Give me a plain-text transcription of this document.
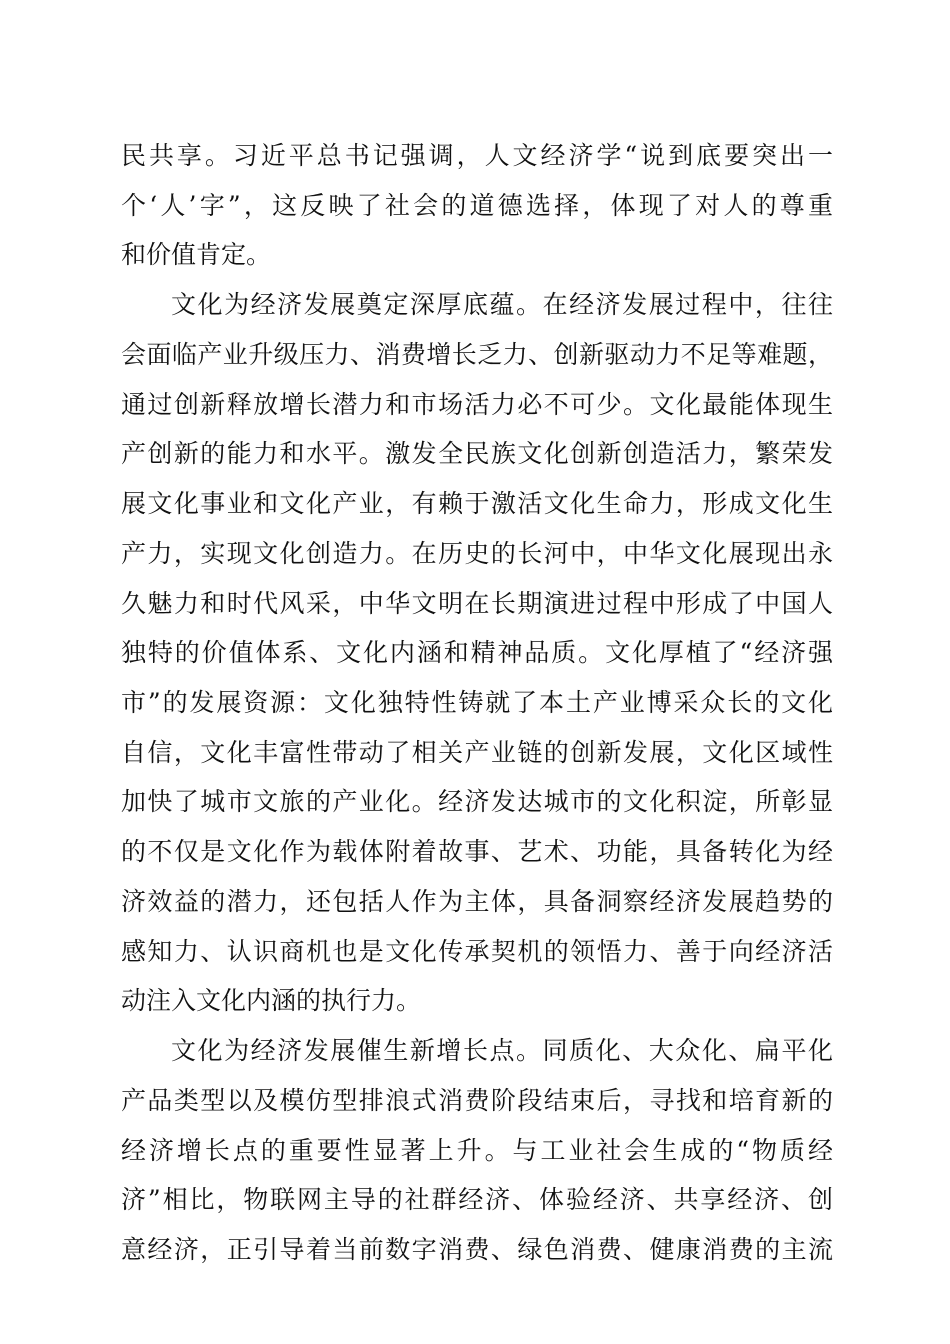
民共享。习近平总书记强调，人文经济学“说到底要突出一
个‘人’字”，这反映了社会的道德选择，体现了对人的尊重
和价值肯定。
文化为经济发展奠定深厚底蕴。在经济发展过程中，往往
会面临产业升级压力、消费增长乏力、创新驱动力不足等难题，
通过创新释放增长潜力和市场活力必不可少。文化最能体现生
产创新的能力和水平。激发全民族文化创新创造活力，繁荣发
展文化事业和文化产业，有赖于激活文化生命力，形成文化生
产力，实现文化创造力。在历史的长河中，中华文化展现出永
久魅力和时代风采，中华文明在长期演进过程中形成了中国人
独特的价值体系、文化内涵和精神品质。文化厚植了“经济强
市”的发展资源：文化独特性铸就了本土产业博采众长的文化
自信，文化丰富性带动了相关产业链的创新发展，文化区域性
加快了城市文旅的产业化。经济发达城市的文化积淀，所彰显
的不仅是文化作为载体附着故事、艺术、功能，具备转化为经
济效益的潜力，还包括人作为主体，具备洞察经济发展趋势的
感知力、认识商机也是文化传承契机的领悟力、善于向经济活
动注入文化内涵的执行力。
文化为经济发展催生新增长点。同质化、大众化、扁平化
产品类型以及模仿型排浪式消费阶段结束后，寻找和培育新的
经济增长点的重要性显著上升。与工业社会生成的“物质经
济”相比，物联网主导的社群经济、体验经济、共享经济、创
意经济，正引导着当前数字消费、绿色消费、健康消费的主流
